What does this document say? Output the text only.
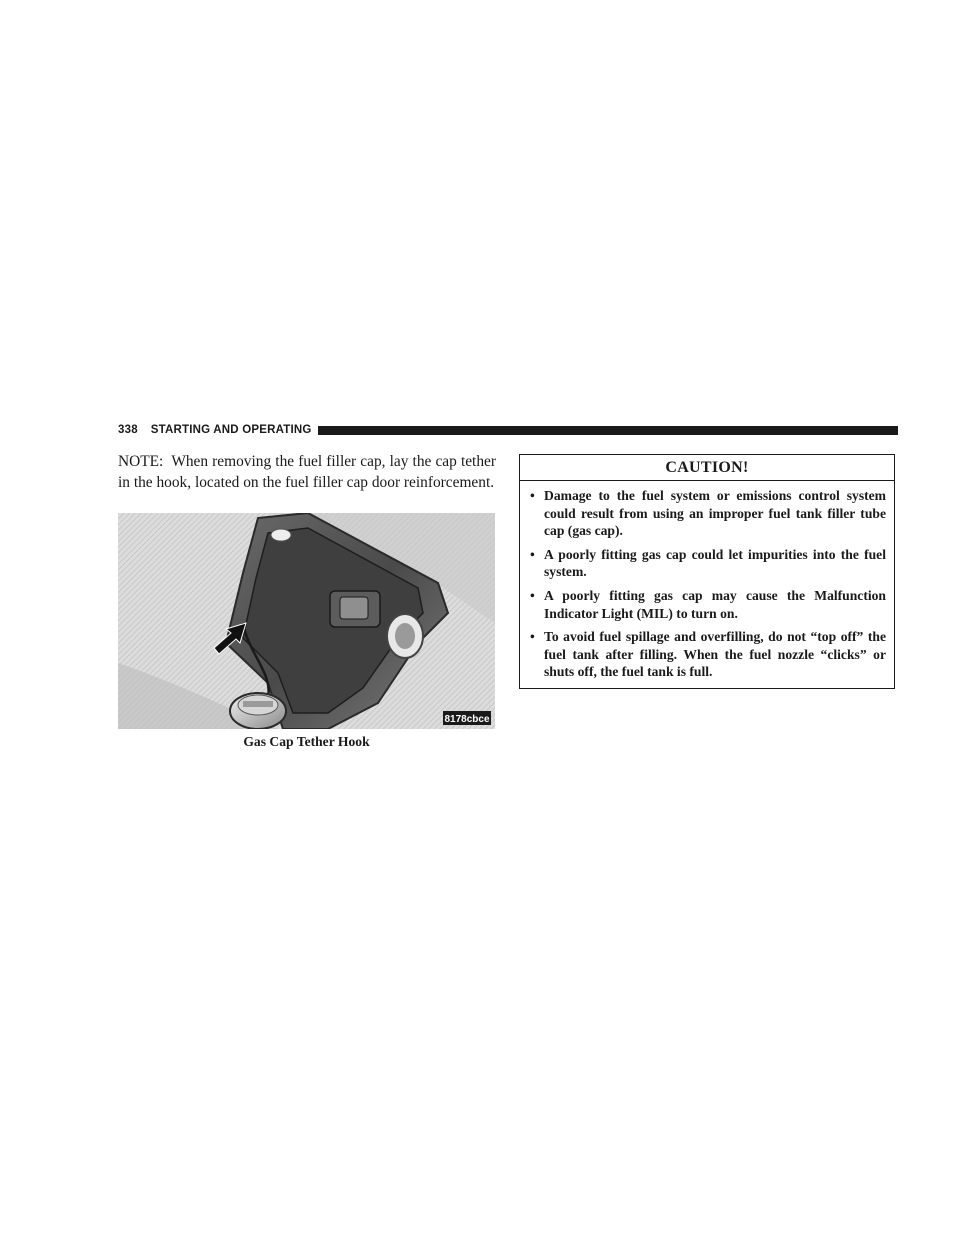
338	STARTING AND OPERATING

NOTE: When removing the fuel filler cap, lay the cap tether in the hook, located on the fuel filler cap door reinforcement.

8178cbce
Gas Cap Tether Hook
CAUTION!
• Damage to the fuel system or emissions control system could result from using an improper fuel tank filler tube cap (gas cap).
• A poorly fitting gas cap could let impurities into the fuel system.
• A poorly fitting gas cap may cause the Malfunction Indicator Light (MIL) to turn on.
• To avoid fuel spillage and overfilling, do not “top off” the fuel tank after filling. When the fuel nozzle “clicks” or shuts off, the fuel tank is full.
